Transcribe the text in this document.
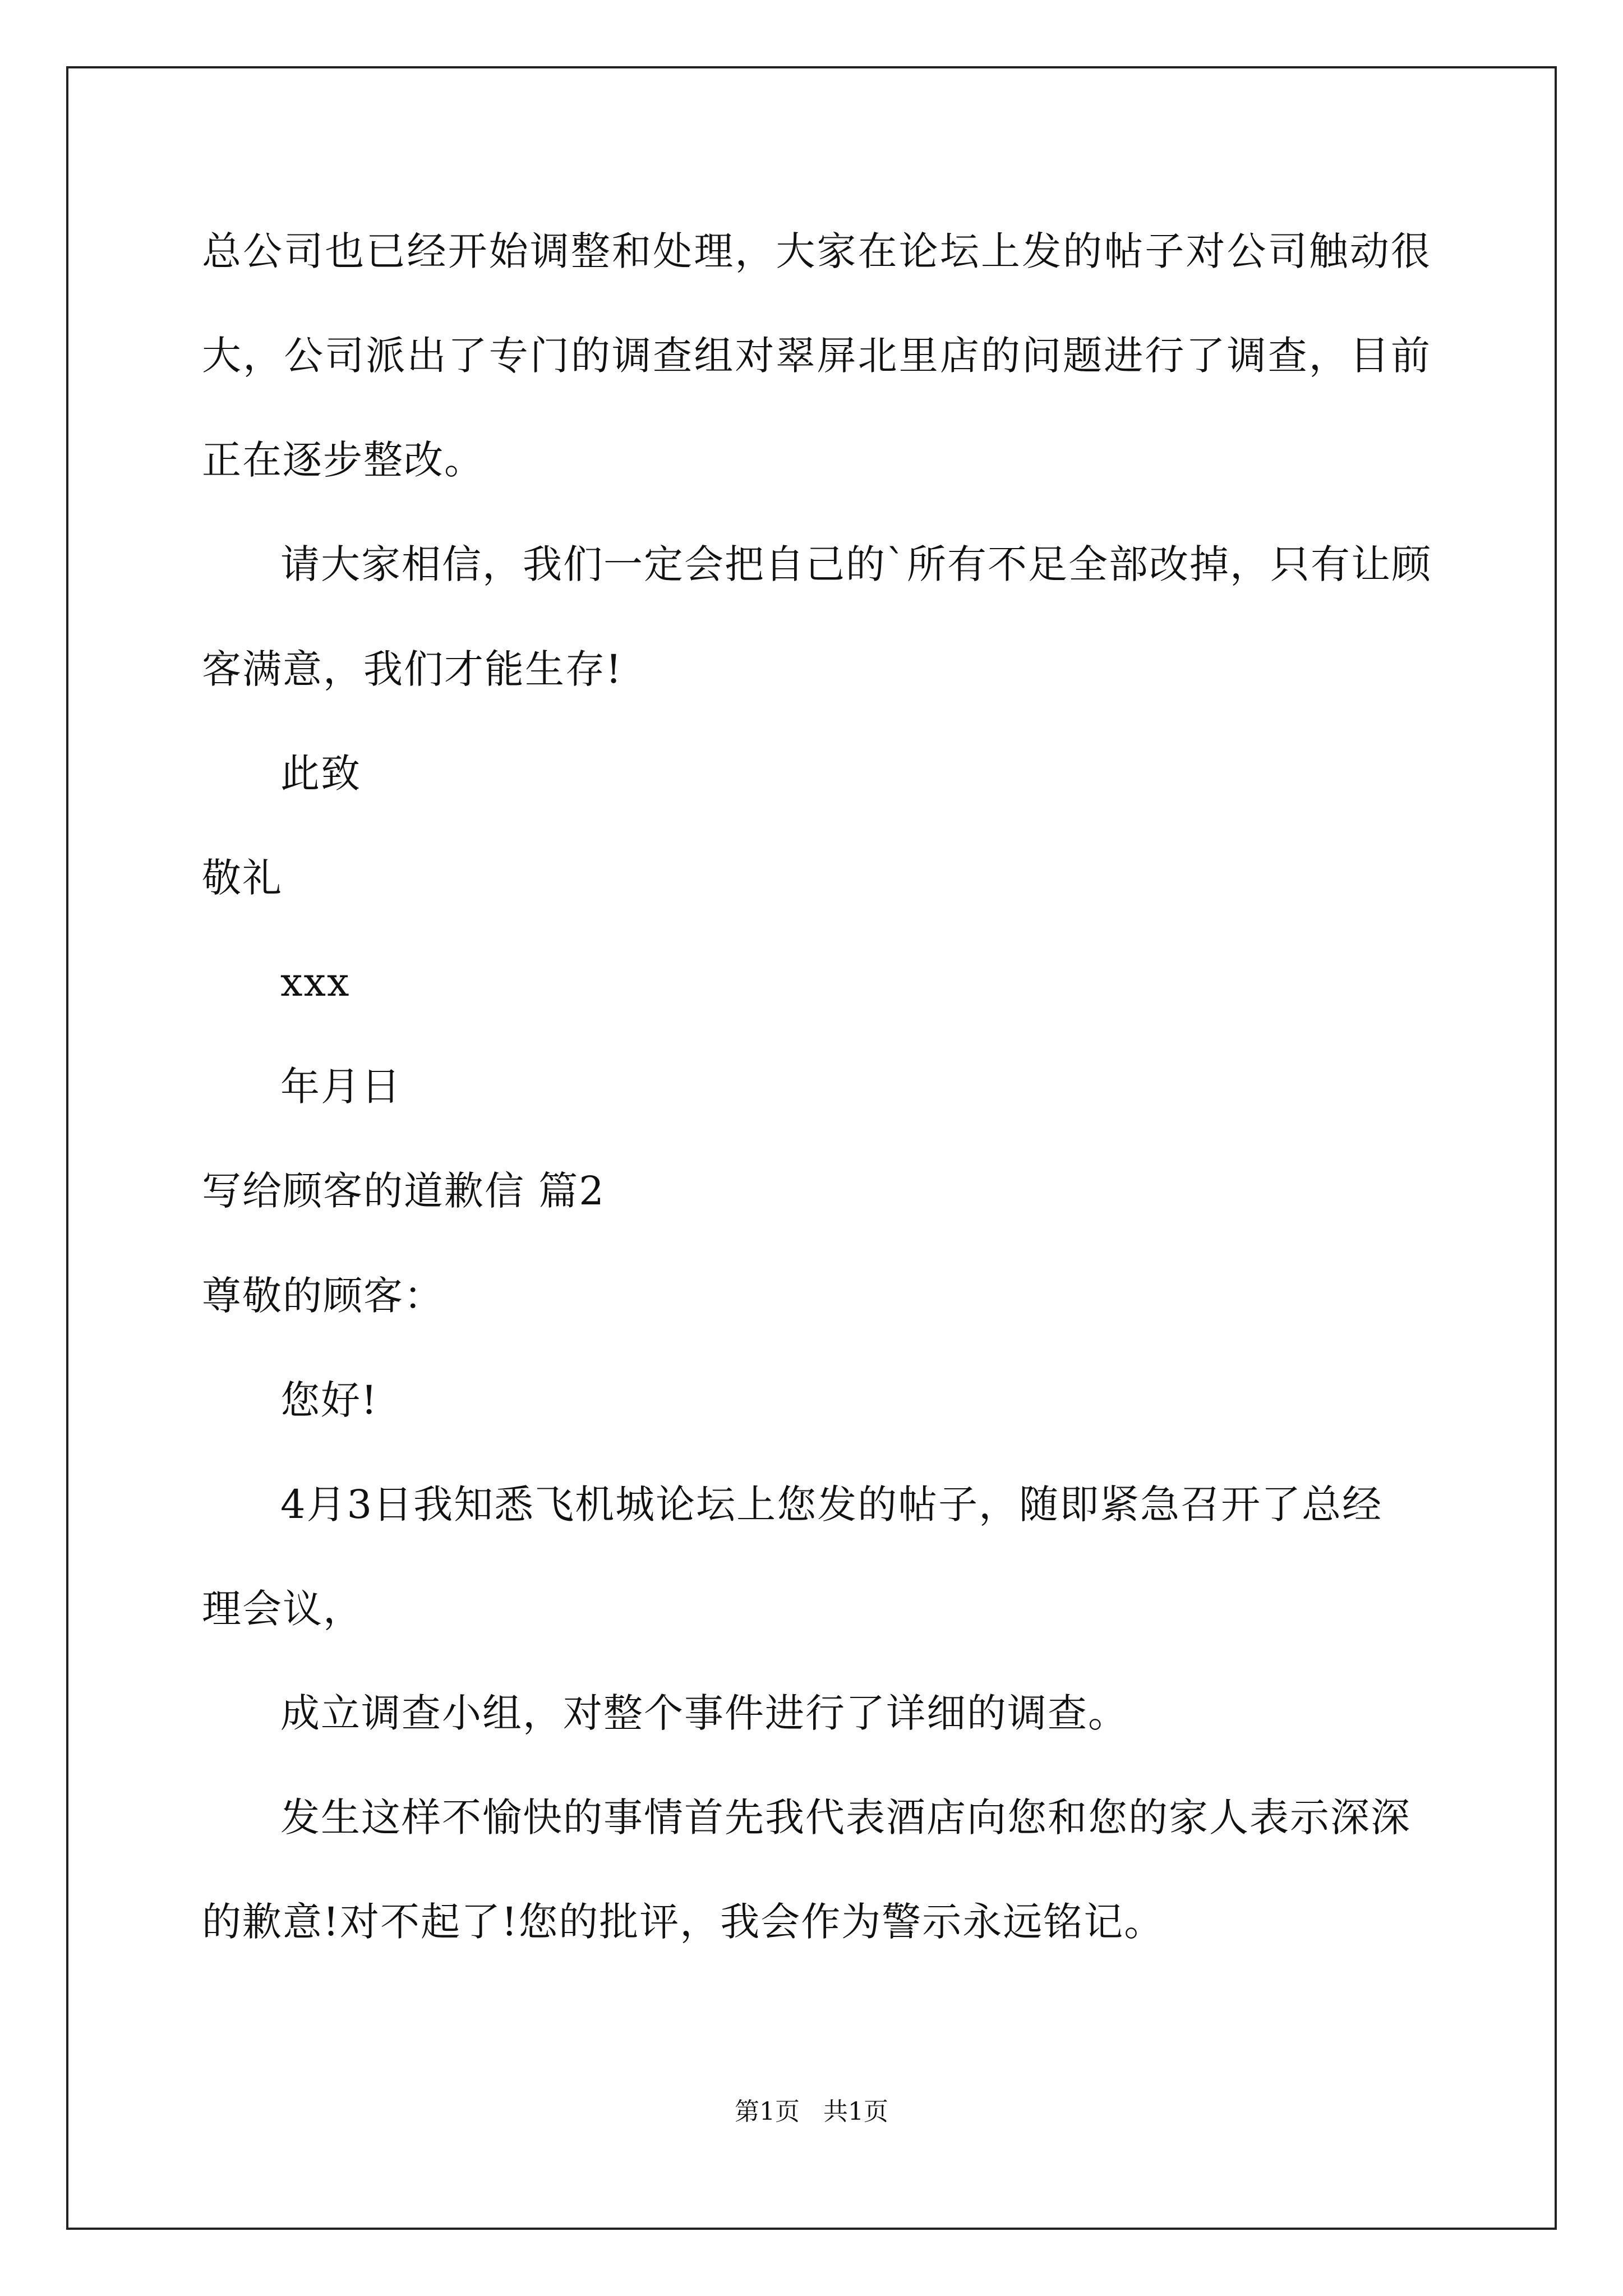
总公司也已经开始调整和处理，大家在论坛上发的帖子对公司触动很
大，公司派出了专门的调查组对翠屏北里店的问题进行了调查，目前
正在逐步整改。
请大家相信，我们一定会把自己的`所有不足全部改掉，只有让顾
客满意，我们才能生存!
此致
敬礼
xxx
年月日
写给顾客的道歉信 篇2
尊敬的顾客：
您好!
4月3日我知悉飞机城论坛上您发的帖子，随即紧急召开了总经
理会议，
成立调查小组，对整个事件进行了详细的调查。
发生这样不愉快的事情首先我代表酒店向您和您的家人表示深深
的歉意!对不起了!您的批评，我会作为警示永远铭记。
第1页   共1页
